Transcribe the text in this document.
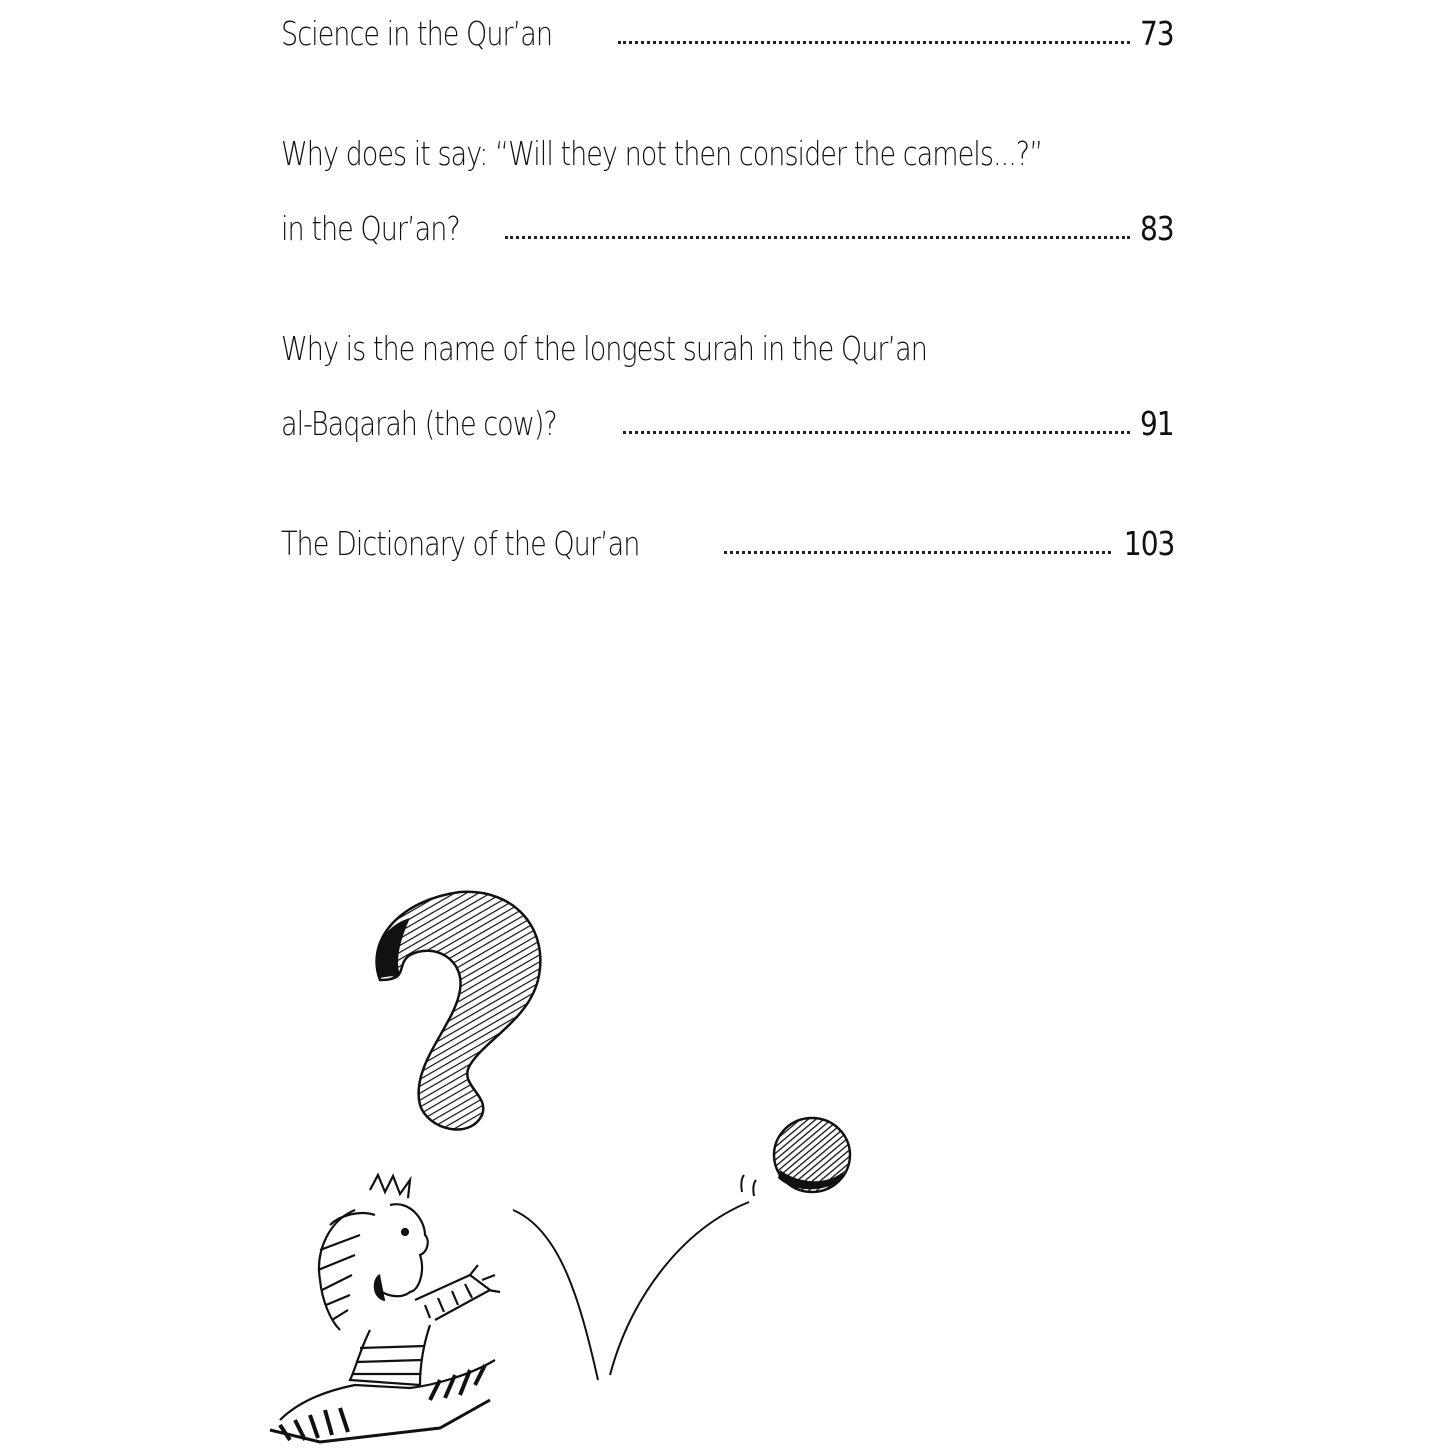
Science in the Qur’an	73
Why does it say: “Will they not then consider the camels...?”
in the Qur’an?	83
Why is the name of the longest surah in the Qur’an
al-Baqarah (the cow)?	91
The Dictionary of the Qur’an	103
